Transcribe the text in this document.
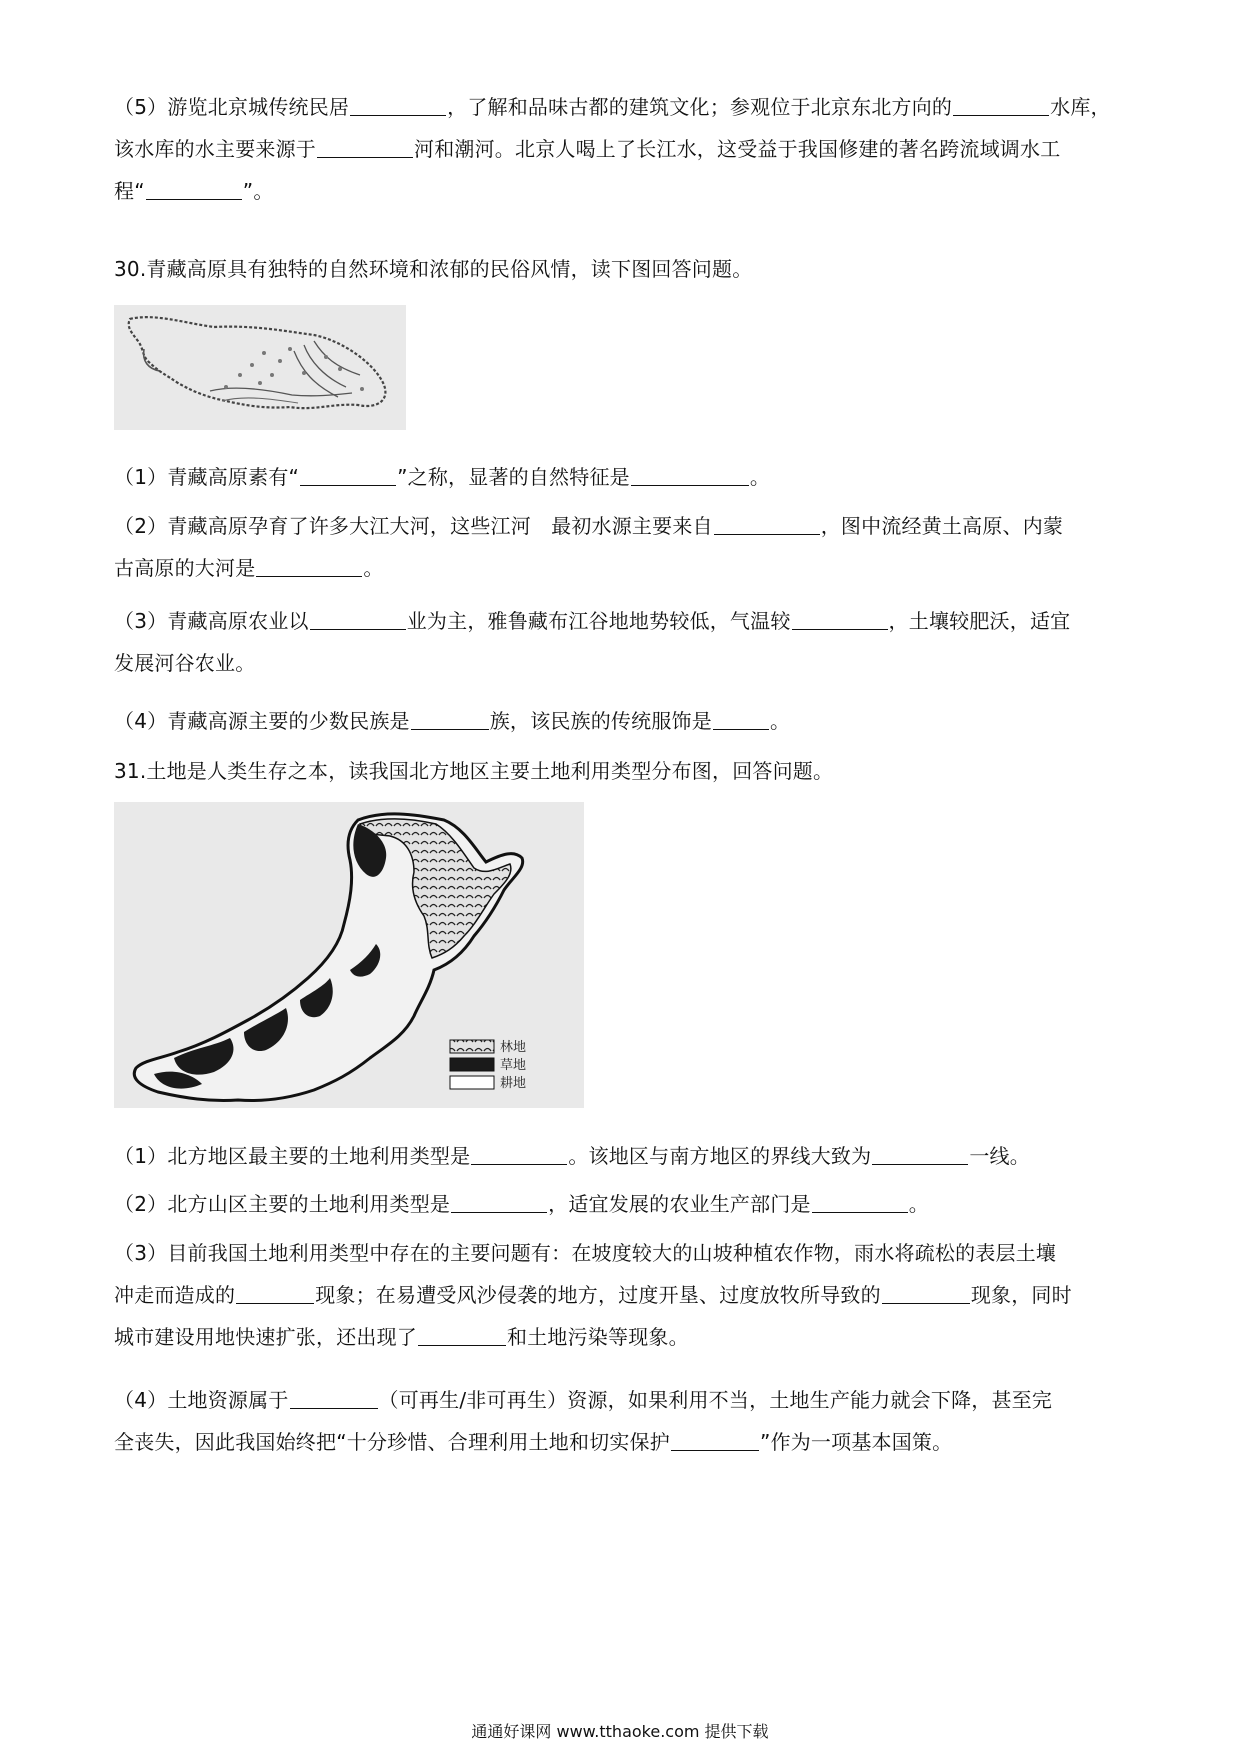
（5）游览北京城传统民居	，了解和品味古都的建筑文化；参观位于北京东北方向的	水库，
该水库的水主要来源于	河和潮河。北京人喝上了长江水，这受益于我国修建的著名跨流域调水工
程“	”。
30.青藏高原具有独特的自然环境和浓郁的民俗风情，读下图回答问题。
（1）青藏高原素有“	”之称，显著的自然特征是	。
（2）青藏高原孕育了许多大江大河，这些江河　最初水源主要来自	，图中流经黄土高原、内蒙
古高原的大河是	。
（3）青藏高原农业以	业为主，雅鲁藏布江谷地地势较低，气温较	，土壤较肥沃，适宜
发展河谷农业。
（4）青藏高源主要的少数民族是	族，该民族的传统服饰是	。
31.土地是人类生存之本，读我国北方地区主要土地利用类型分布图，回答问题。
林地
草地
耕地
（1）北方地区最主要的土地利用类型是	。该地区与南方地区的界线大致为	一线。
（2）北方山区主要的土地利用类型是	，适宜发展的农业生产部门是	。
（3）目前我国土地利用类型中存在的主要问题有：在坡度较大的山坡种植农作物，雨水将疏松的表层土壤
冲走而造成的	现象；在易遭受风沙侵袭的地方，过度开垦、过度放牧所导致的	现象，同时
城市建设用地快速扩张，还出现了	和土地污染等现象。
（4）土地资源属于	（可再生/非可再生）资源，如果利用不当，土地生产能力就会下降，甚至完
全丧失，因此我国始终把“十分珍惜、合理利用土地和切实保护	”作为一项基本国策。
通通好课网 www.tthaoke.com 提供下载
